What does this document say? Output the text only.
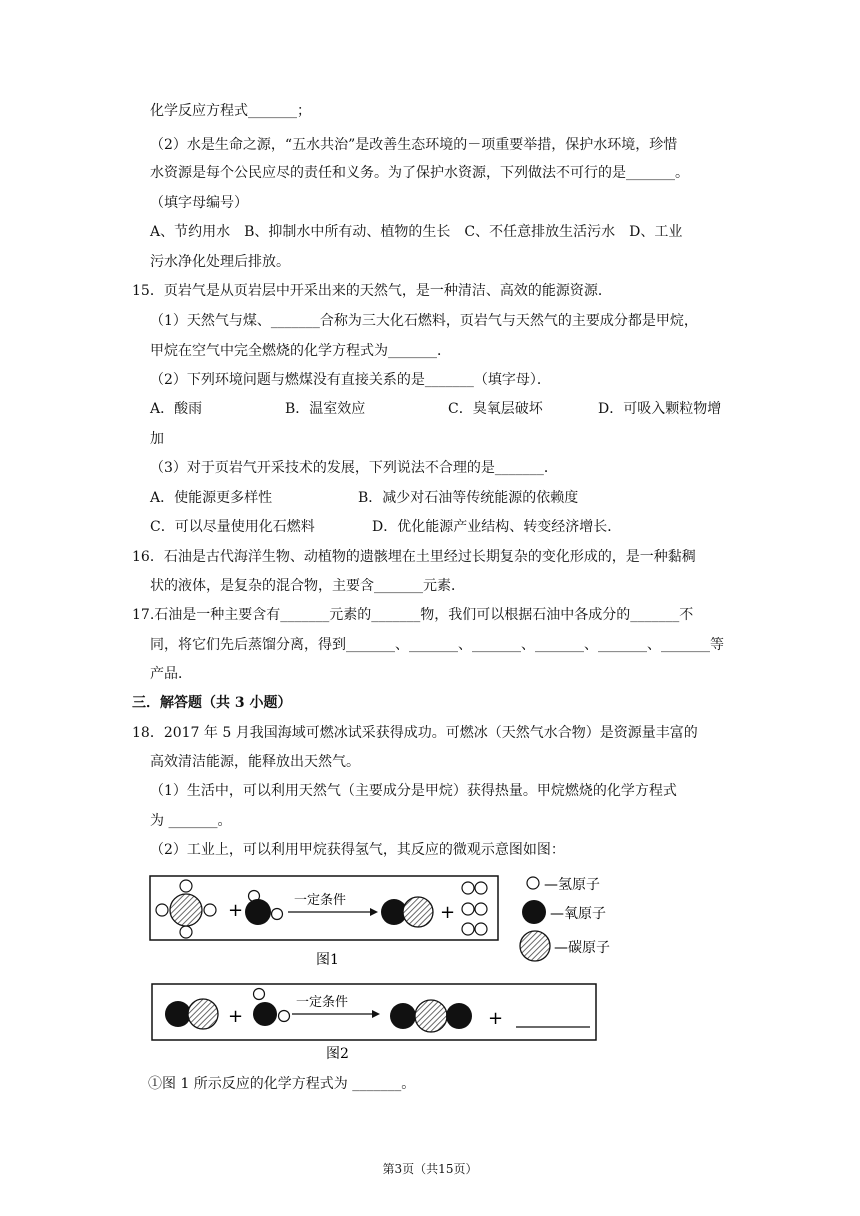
化学反应方程式_______；
（2）水是生命之源，“五水共治”是改善生态环境的－项重要举措，保护水环境，珍惜
水资源是每个公民应尽的责任和义务。为了保护水资源，下列做法不可行的是_______。
（填字母编号）
A、节约用水　B、抑制水中所有动、植物的生长　C、不任意排放生活污水　D、工业
污水净化处理后排放。
15．页岩气是从页岩层中开采出来的天然气，是一种清洁、高效的能源资源．
（1）天然气与煤、_______合称为三大化石燃料，页岩气与天然气的主要成分都是甲烷，
甲烷在空气中完全燃烧的化学方程式为_______．
（2）下列环境问题与燃煤没有直接关系的是_______（填字母）．
A．酸雨	B．温室效应	C．臭氧层破坏	D．可吸入颗粒物增
加
（3）对于页岩气开采技术的发展，下列说法不合理的是_______．
A．使能源更多样性	B．减少对石油等传统能源的依赖度
C．可以尽量使用化石燃料	D．优化能源产业结构、转变经济增长．
16．石油是古代海洋生物、动植物的遗骸埋在土里经过长期复杂的变化形成的，是一种黏稠
状的液体，是复杂的混合物，主要含_______元素．
17.石油是一种主要含有_______元素的_______物，我们可以根据石油中各成分的_______不
同，将它们先后蒸馏分离，得到_______、_______、_______、_______、_______、_______等
产品．
三．解答题（共 3 小题）
18．2017 年 5 月我国海域可燃冰试采获得成功。可燃冰（天然气水合物）是资源量丰富的
高效清洁能源，能释放出天然气。
（1）生活中，可以利用天然气（主要成分是甲烷）获得热量。甲烷燃烧的化学方程式
为 _______。
（2）工业上，可以利用甲烷获得氢气，其反应的微观示意图如图：
+	一定条件
+
—氢原子
—氧原子
—碳原子
图1
+
一定条件
+
图2
①图 1 所示反应的化学方程式为 _______。
第3页（共15页）
